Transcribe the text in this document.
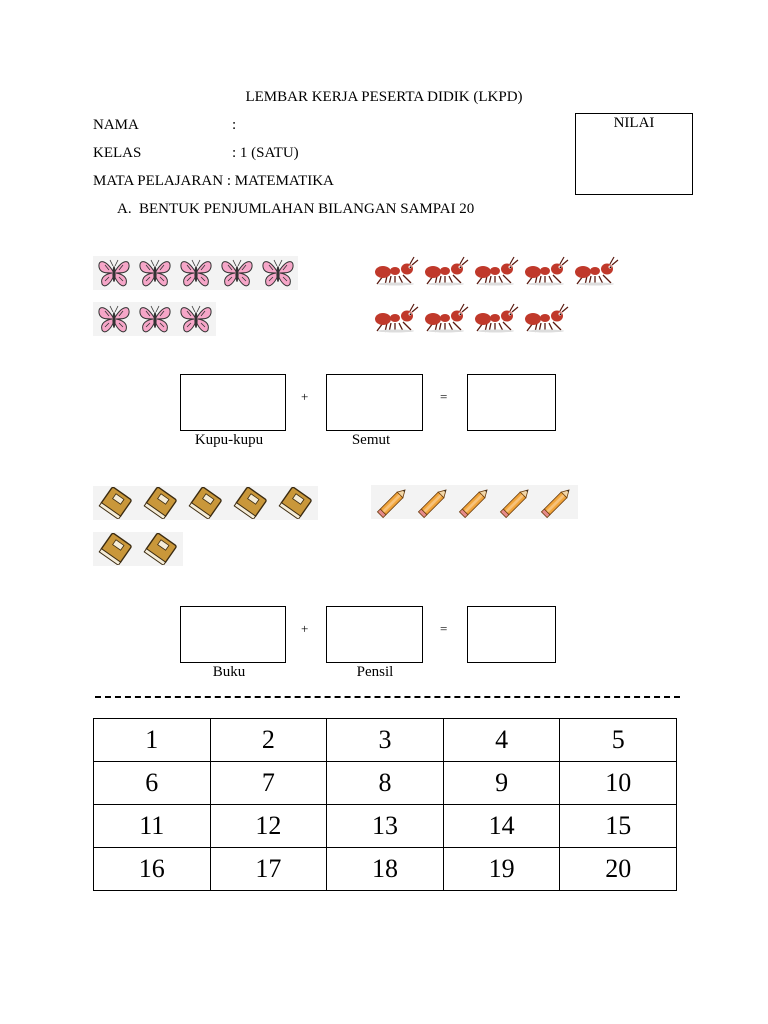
LEMBAR KERJA PESERTA DIDIK (LKPD)
NAMA	:
KELAS	: 1 (SATU)
MATA PELAJARAN : MATEMATIKA
NILAI
A. BENTUK PENJUMLAHAN BILANGAN SAMPAI 20
+	=
Kupu-kupu	Semut
+	=
Buku	Pensil
1	2	3	4	5
6	7	8	9	10
11	12	13	14	15
16	17	18	19	20
